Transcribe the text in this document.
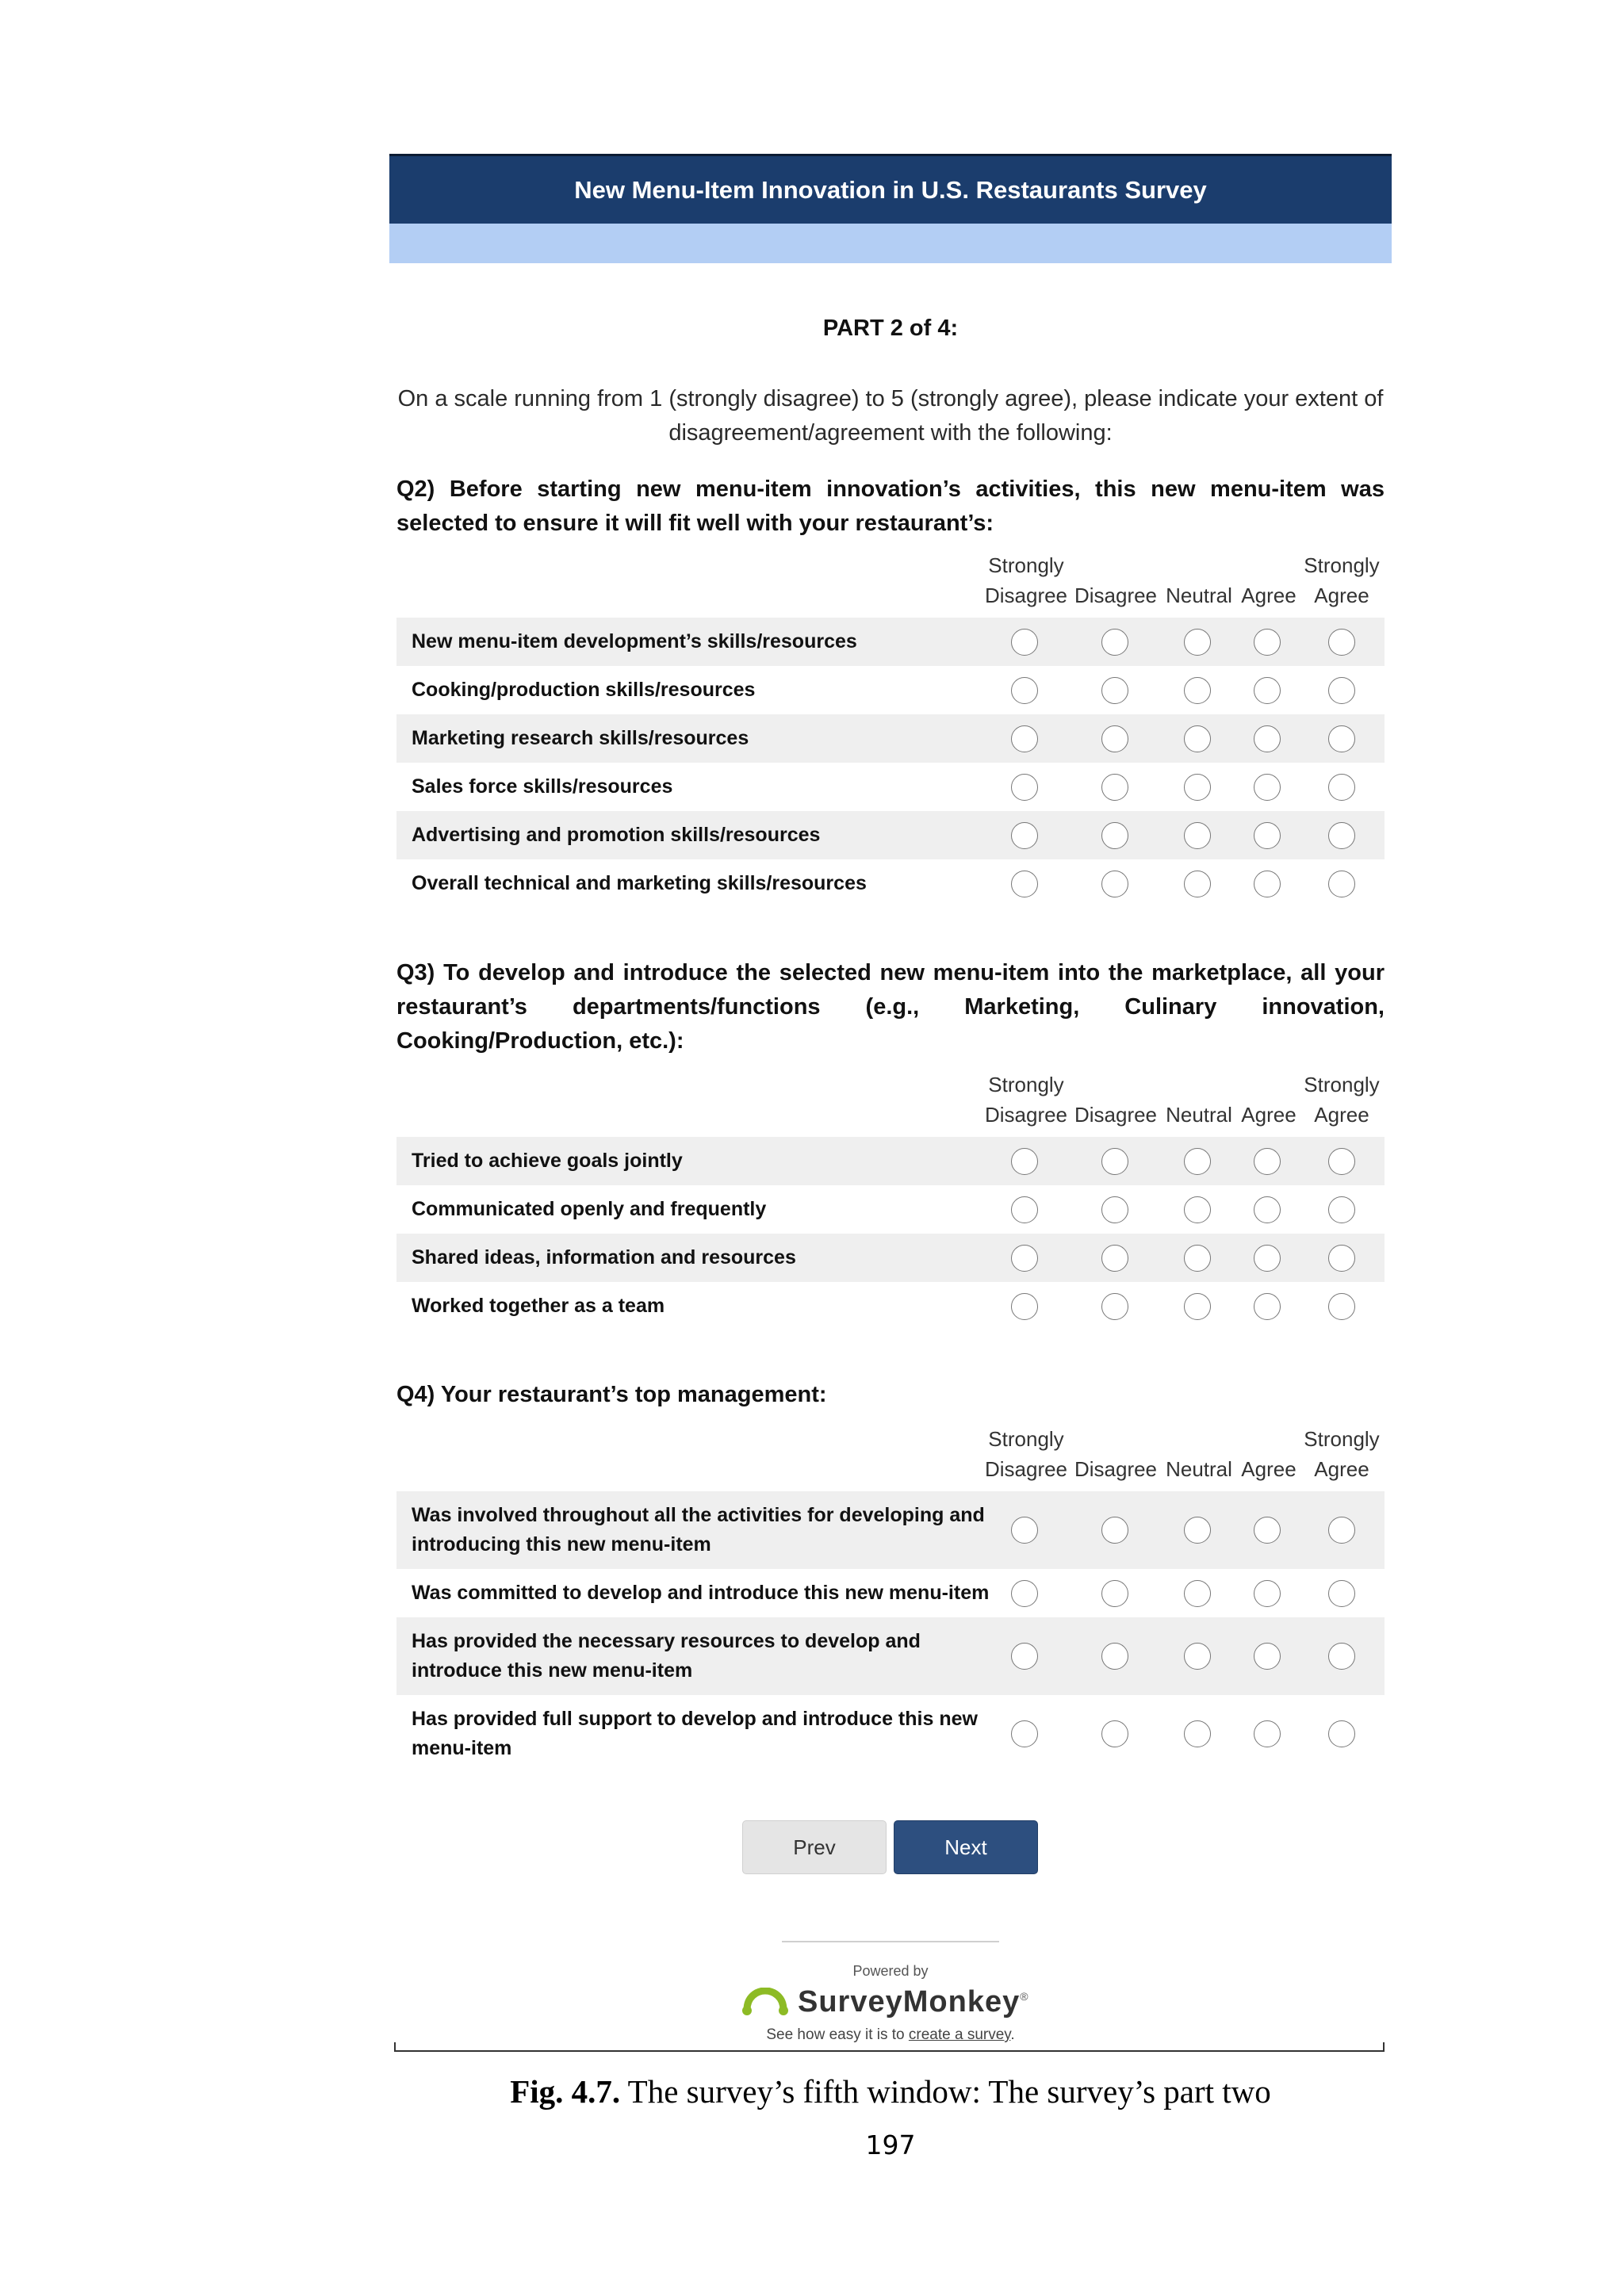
New Menu-Item Innovation in U.S. Restaurants Survey
PART 2 of 4:
On a scale running from 1 (strongly disagree) to 5 (strongly agree), please indicate your extent of disagreement/agreement with the following:
Q2) Before starting new menu-item innovation’s activities, this new menu-item was selected to ensure it will fit well with your restaurant’s:
Strongly
Disagree Disagree Neutral Agree
Strongly
Agree
New menu-item development’s skills/resources
Cooking/production skills/resources
Marketing research skills/resources
Sales force skills/resources
Advertising and promotion skills/resources
Overall technical and marketing skills/resources
Q3) To develop and introduce the selected new menu-item into the marketplace, all your restaurant’s departments/functions (e.g., Marketing, Culinary innovation, Cooking/Production, etc.):
Strongly
Disagree Disagree Neutral Agree
Strongly
Agree
Tried to achieve goals jointly
Communicated openly and frequently
Shared ideas, information and resources
Worked together as a team
Q4) Your restaurant’s top management:
Strongly
Disagree Disagree Neutral Agree
Strongly
Agree
Was involved throughout all the activities for developing and introducing this new menu-item
Was committed to develop and introduce this new menu-item
Has provided the necessary resources to develop and introduce this new menu-item
Has provided full support to develop and introduce this new menu-item
Prev	Next
Powered by
SurveyMonkey ®
See how easy it is to create a survey.
Fig. 4.7. The survey’s fifth window: The survey’s part two
197
